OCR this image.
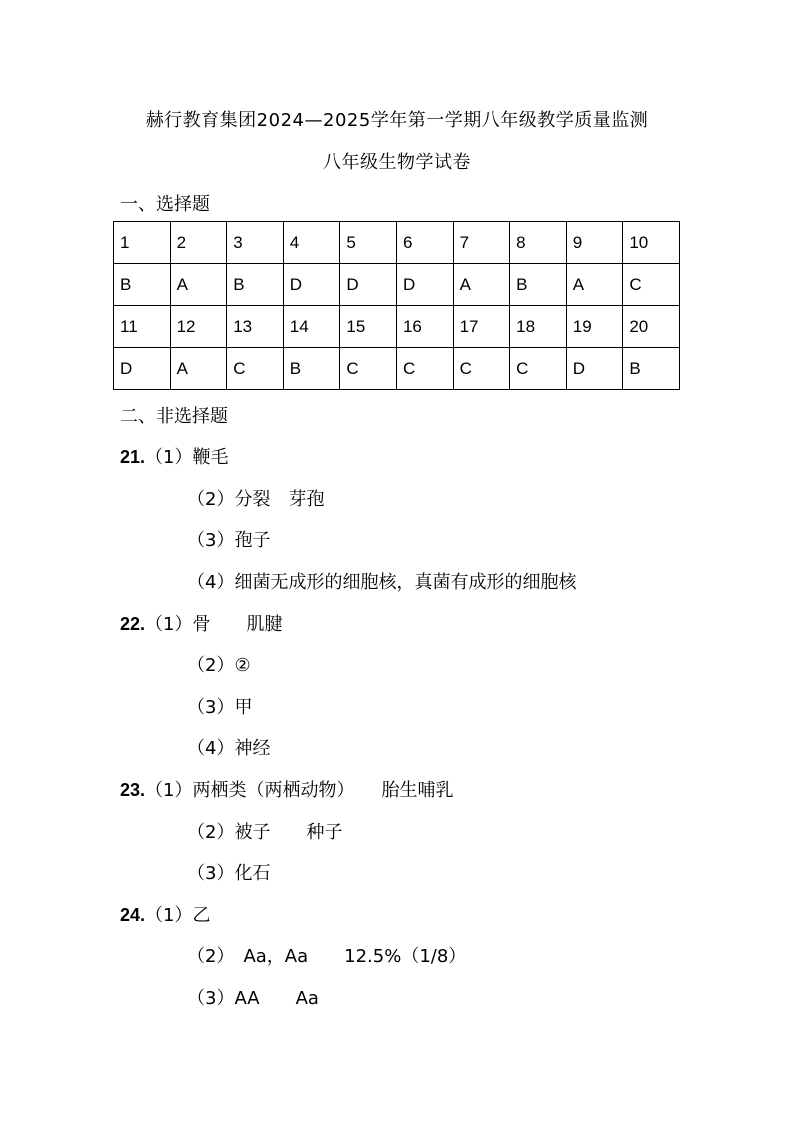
赫行教育集团2024—2025学年第一学期八年级教学质量监测
八年级生物学试卷
一、选择题
1	2	3	4	5	6	7	8	9	10
B	A	B	D	D	D	A	B	A	C
11	12	13	14	15	16	17	18	19	20
D	A	C	B	C	C	C	C	D	B
二、非选择题
21.（1）鞭毛
（2）分裂　芽孢
（3）孢子
（4）细菌无成形的细胞核，真菌有成形的细胞核
22.（1）骨　　肌腱
（2）②
（3）甲
（4）神经
23.（1）两栖类（两栖动物）　　胎生哺乳
（2）被子　　种子
（3）化石
24.（1）乙
（2）　Aa，Aa　　12.5%（1/8）
（3）AA　　Aa
